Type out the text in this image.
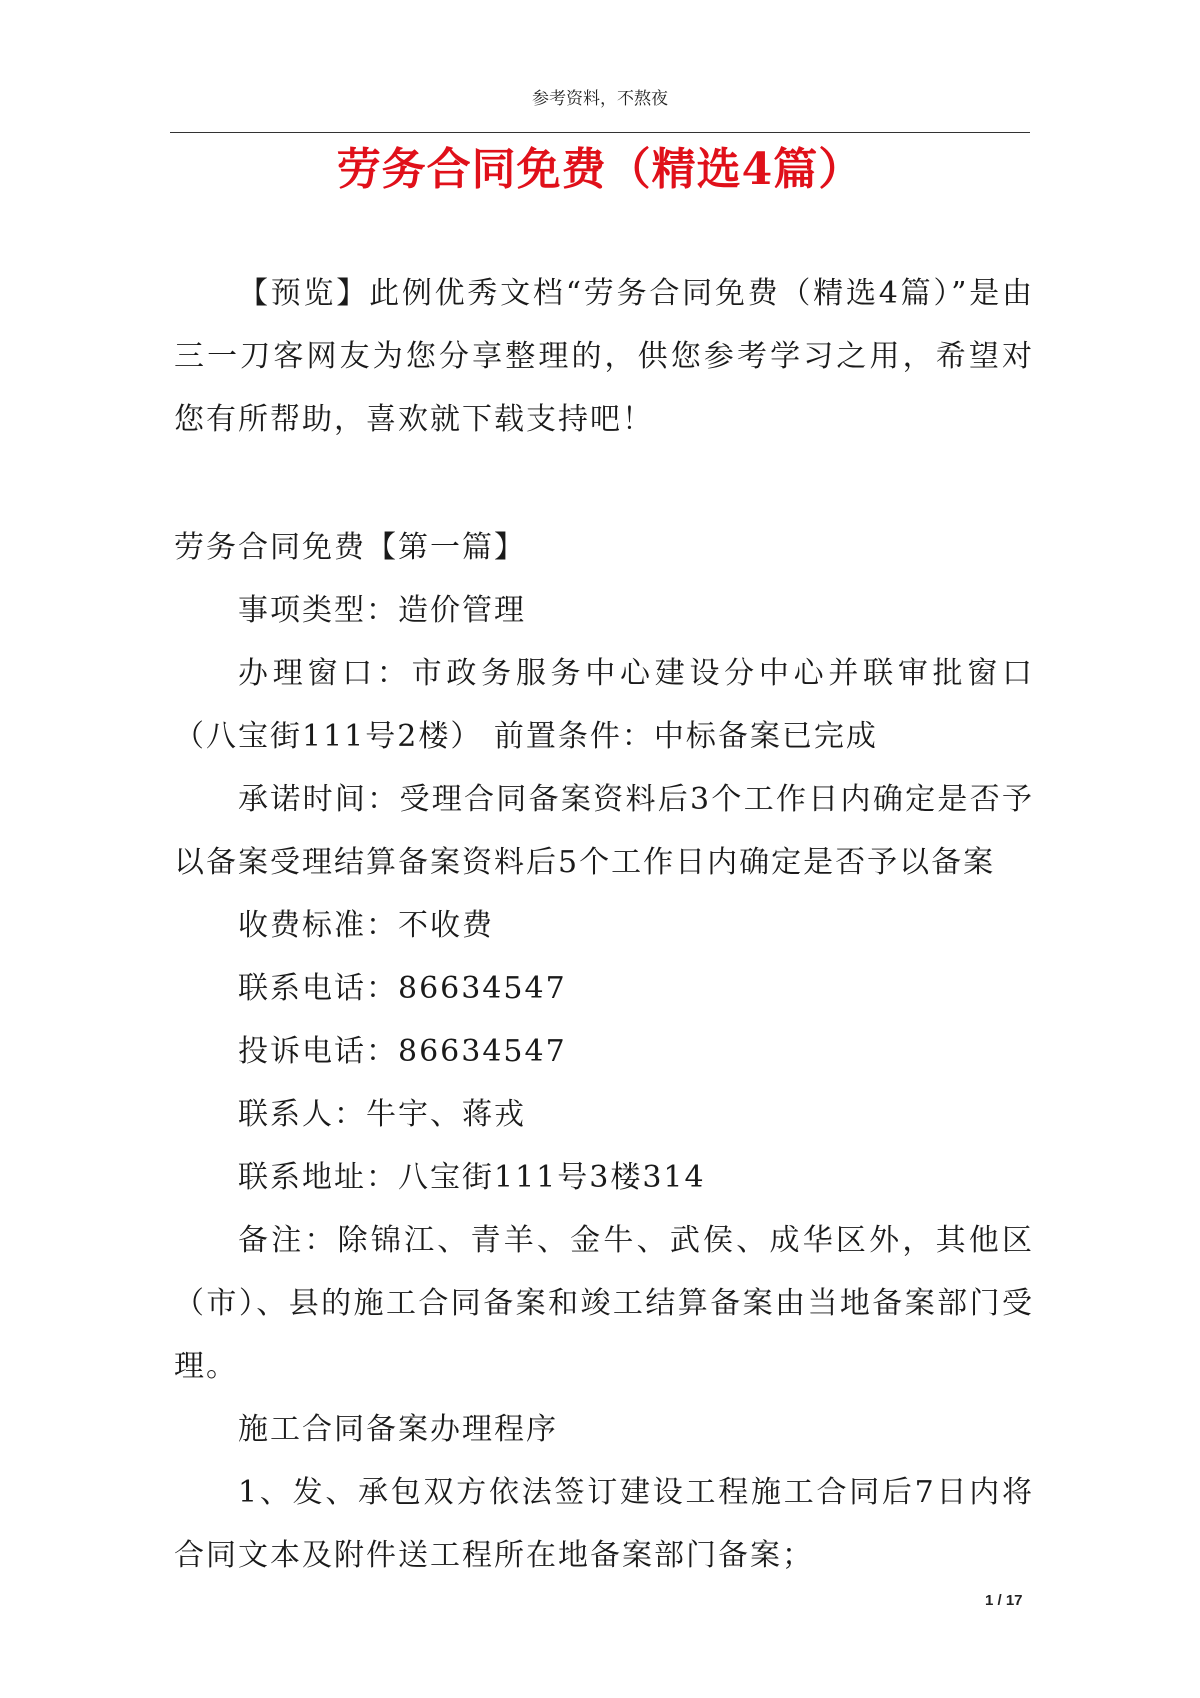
参考资料，不熬夜
劳务合同免费（精选4篇）
【预览】此例优秀文档“劳务合同免费（精选4篇）”是由三一刀客网友为您分享整理的，供您参考学习之用，希望对您有所帮助，喜欢就下载支持吧！

劳务合同免费【第一篇】

事项类型：造价管理

办理窗口：市政务服务中心建设分中心并联审批窗口（八宝街111号2楼） 前置条件：中标备案已完成

承诺时间：受理合同备案资料后3个工作日内确定是否予以备案受理结算备案资料后5个工作日内确定是否予以备案

收费标准：不收费

联系电话：86634547

投诉电话：86634547

联系人：牛宇、蒋戎

联系地址：八宝街111号3楼314

备注：除锦江、青羊、金牛、武侯、成华区外，其他区（市）、县的施工合同备案和竣工结算备案由当地备案部门受理。

施工合同备案办理程序

1、发、承包双方依法签订建设工程施工合同后7日内将合同文本及附件送工程所在地备案部门备案；

1 / 17
